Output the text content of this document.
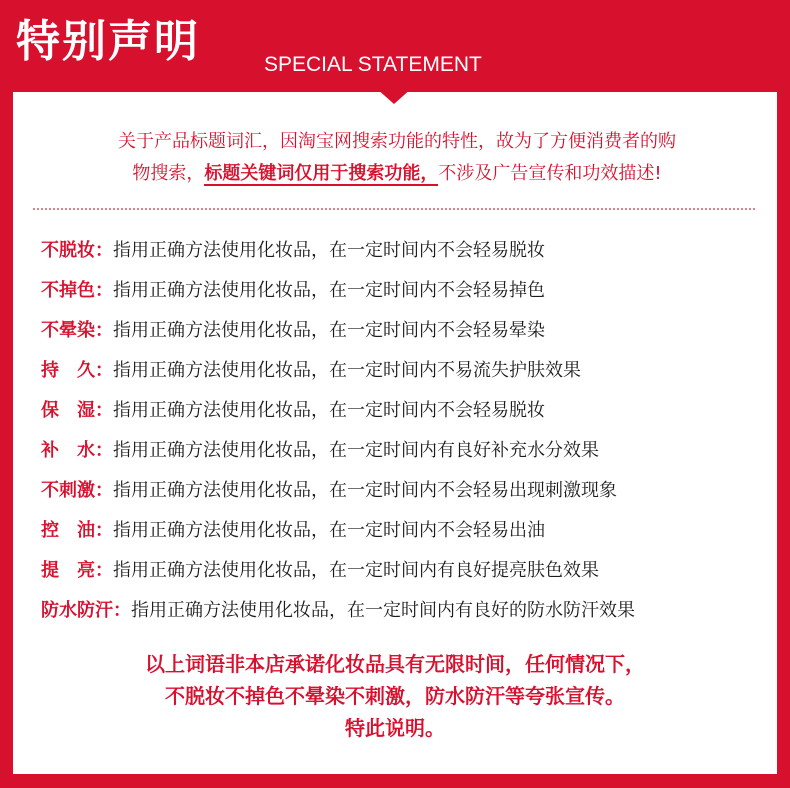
特别声明	SPECIAL STATEMENT
关于产品标题词汇，因淘宝网搜索功能的特性，故为了方便消费者的购
物搜索，标题关键词仅用于搜索功能，不涉及广告宣传和功效描述!
不脱妆：指用正确方法使用化妆品，在一定时间内不会轻易脱妆
不掉色：指用正确方法使用化妆品，在一定时间内不会轻易掉色
不晕染：指用正确方法使用化妆品，在一定时间内不会轻易晕染
持　久：指用正确方法使用化妆品，在一定时间内不易流失护肤效果
保　湿：指用正确方法使用化妆品，在一定时间内不会轻易脱妆
补　水：指用正确方法使用化妆品，在一定时间内有良好补充水分效果
不刺激：指用正确方法使用化妆品，在一定时间内不会轻易出现刺激现象
控　油：指用正确方法使用化妆品，在一定时间内不会轻易出油
提　亮：指用正确方法使用化妆品，在一定时间内有良好提亮肤色效果
防水防汗：指用正确方法使用化妆品，在一定时间内有良好的防水防汗效果
以上词语非本店承诺化妆品具有无限时间，任何情况下，
不脱妆不掉色不晕染不刺激，防水防汗等夸张宣传。
特此说明。
